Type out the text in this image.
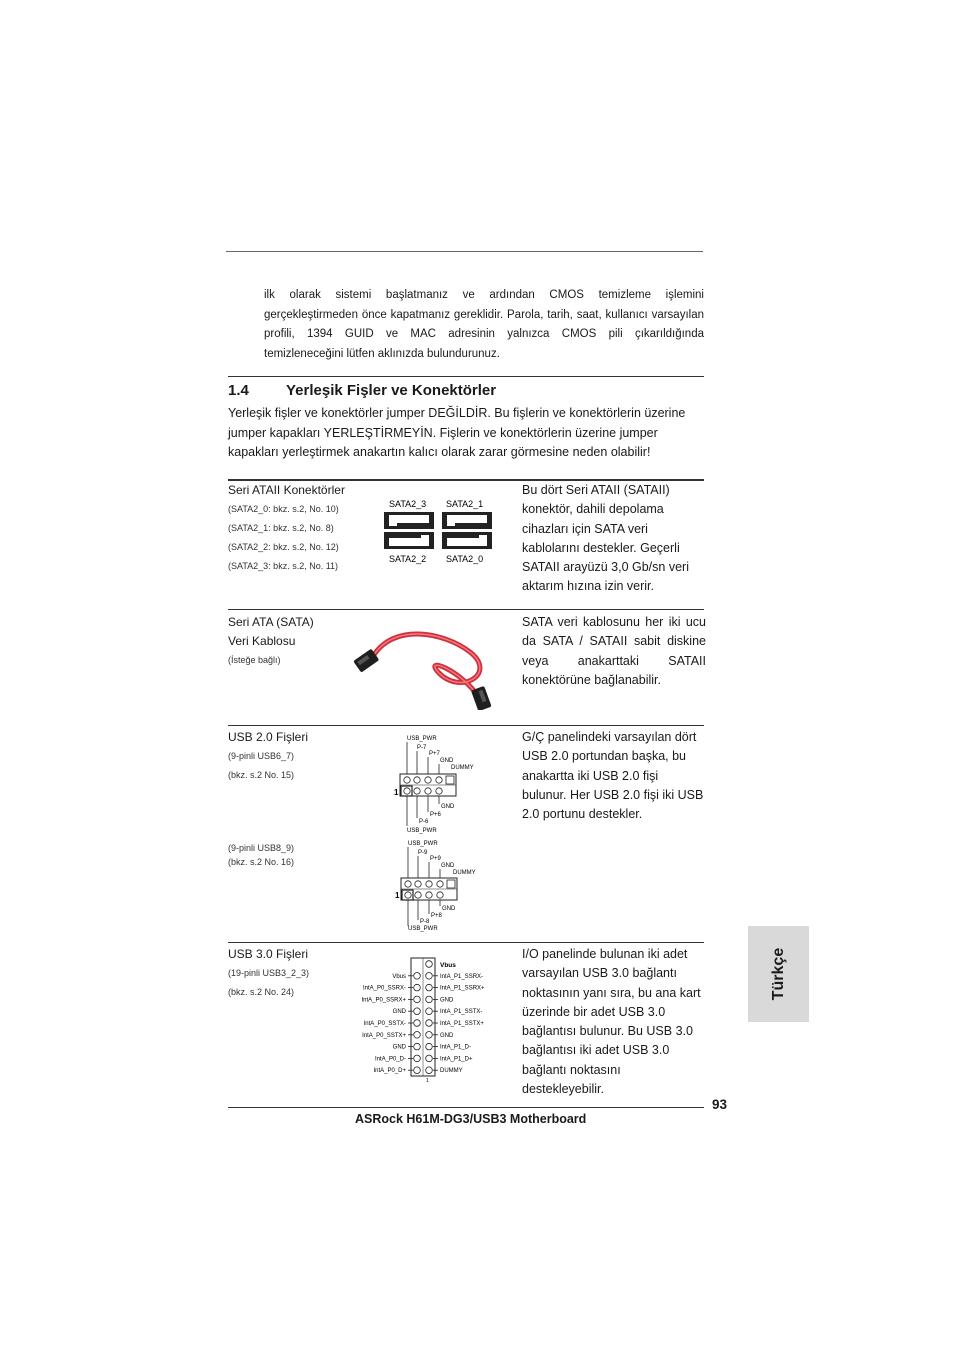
ilk olarak sistemi başlatmanız ve ardından CMOS temizleme işlemini gerçekleştirmeden önce kapatmanız gereklidir. Parola, tarih, saat, kullanıcı varsayılan profili, 1394 GUID ve MAC adresinin yalnızca CMOS pili çıkarıldığında temizleneceğini lütfen aklınızda bulundurunuz.
1.4 Yerleşik Fişler ve Konektörler
Yerleşik fişler ve konektörler jumper DEĞİLDİR. Bu fişlerin ve konektörlerin üzerine jumper kapakları YERLEŞTİRMEYİN. Fişlerin ve konektörlerin üzerine jumper kapakları yerleştirmek anakartın kalıcı olarak zarar görmesine neden olabilir!
Seri ATAII Konektörler
(SATA2_0: bkz. s.2, No. 10)
(SATA2_1: bkz. s.2, No. 8)
(SATA2_2: bkz. s.2, No. 12)
(SATA2_3: bkz. s.2, No. 11)
SATA2_3 SATA2_1
SATA2_2 SATA2_0
Bu dört Seri ATAII (SATAII) konektör, dahili depolama cihazları için SATA veri kablolarını destekler. Geçerli SATAII arayüzü 3,0 Gb/sn veri aktarım hızına izin verir.
Seri ATA (SATA)
Veri Kablosu
(İsteğe bağlı)
SATA veri kablosunu her iki ucu da SATA / SATAII sabit diskine veya anakarttaki SATAII konektörüne bağlanabilir.
USB 2.0 Fişleri
(9-pinli USB6_7)
(bkz. s.2 No. 15)
(9-pinli USB8_9)
(bkz. s.2 No. 16)
USB_PWR
P-7
P+7
GND
DUMMY
1
GND
P+6
P-6
USB_PWR
USB_PWR
P-9
P+9
GND
DUMMY
1
GND
P+8
P-8
USB_PWR
G/Ç panelindeki varsayılan dört USB 2.0 portundan başka, bu anakartta iki USB 2.0 fişi bulunur. Her USB 2.0 fişi iki USB 2.0 portunu destekler.
USB 3.0 Fişleri
(19-pinli USB3_2_3)
(bkz. s.2 No. 24)
Vbus
IntA_P1_SSRX-
Vbus
IntA_P1_SSRX+
IntA_P0_SSRX-
GND
IntA_P0_SSRX+
IntA_P1_SSTX-
GND
IntA_P1_SSTX+
IntA_P0_SSTX-
GND
IntA_P0_SSTX+
IntA_P1_D-
GND
IntA_P1_D+
IntA_P0_D-
DUMMY
IntA_P0_D+
1
I/O panelinde bulunan iki adet varsayılan USB 3.0 bağlantı noktasının yanı sıra, bu ana kart üzerinde bir adet USB 3.0 bağlantısı bulunur. Bu USB 3.0 bağlantısı iki adet USB 3.0 bağlantı noktasını destekleyebilir.
93
ASRock H61M-DG3/USB3 Motherboard
Türkçe
